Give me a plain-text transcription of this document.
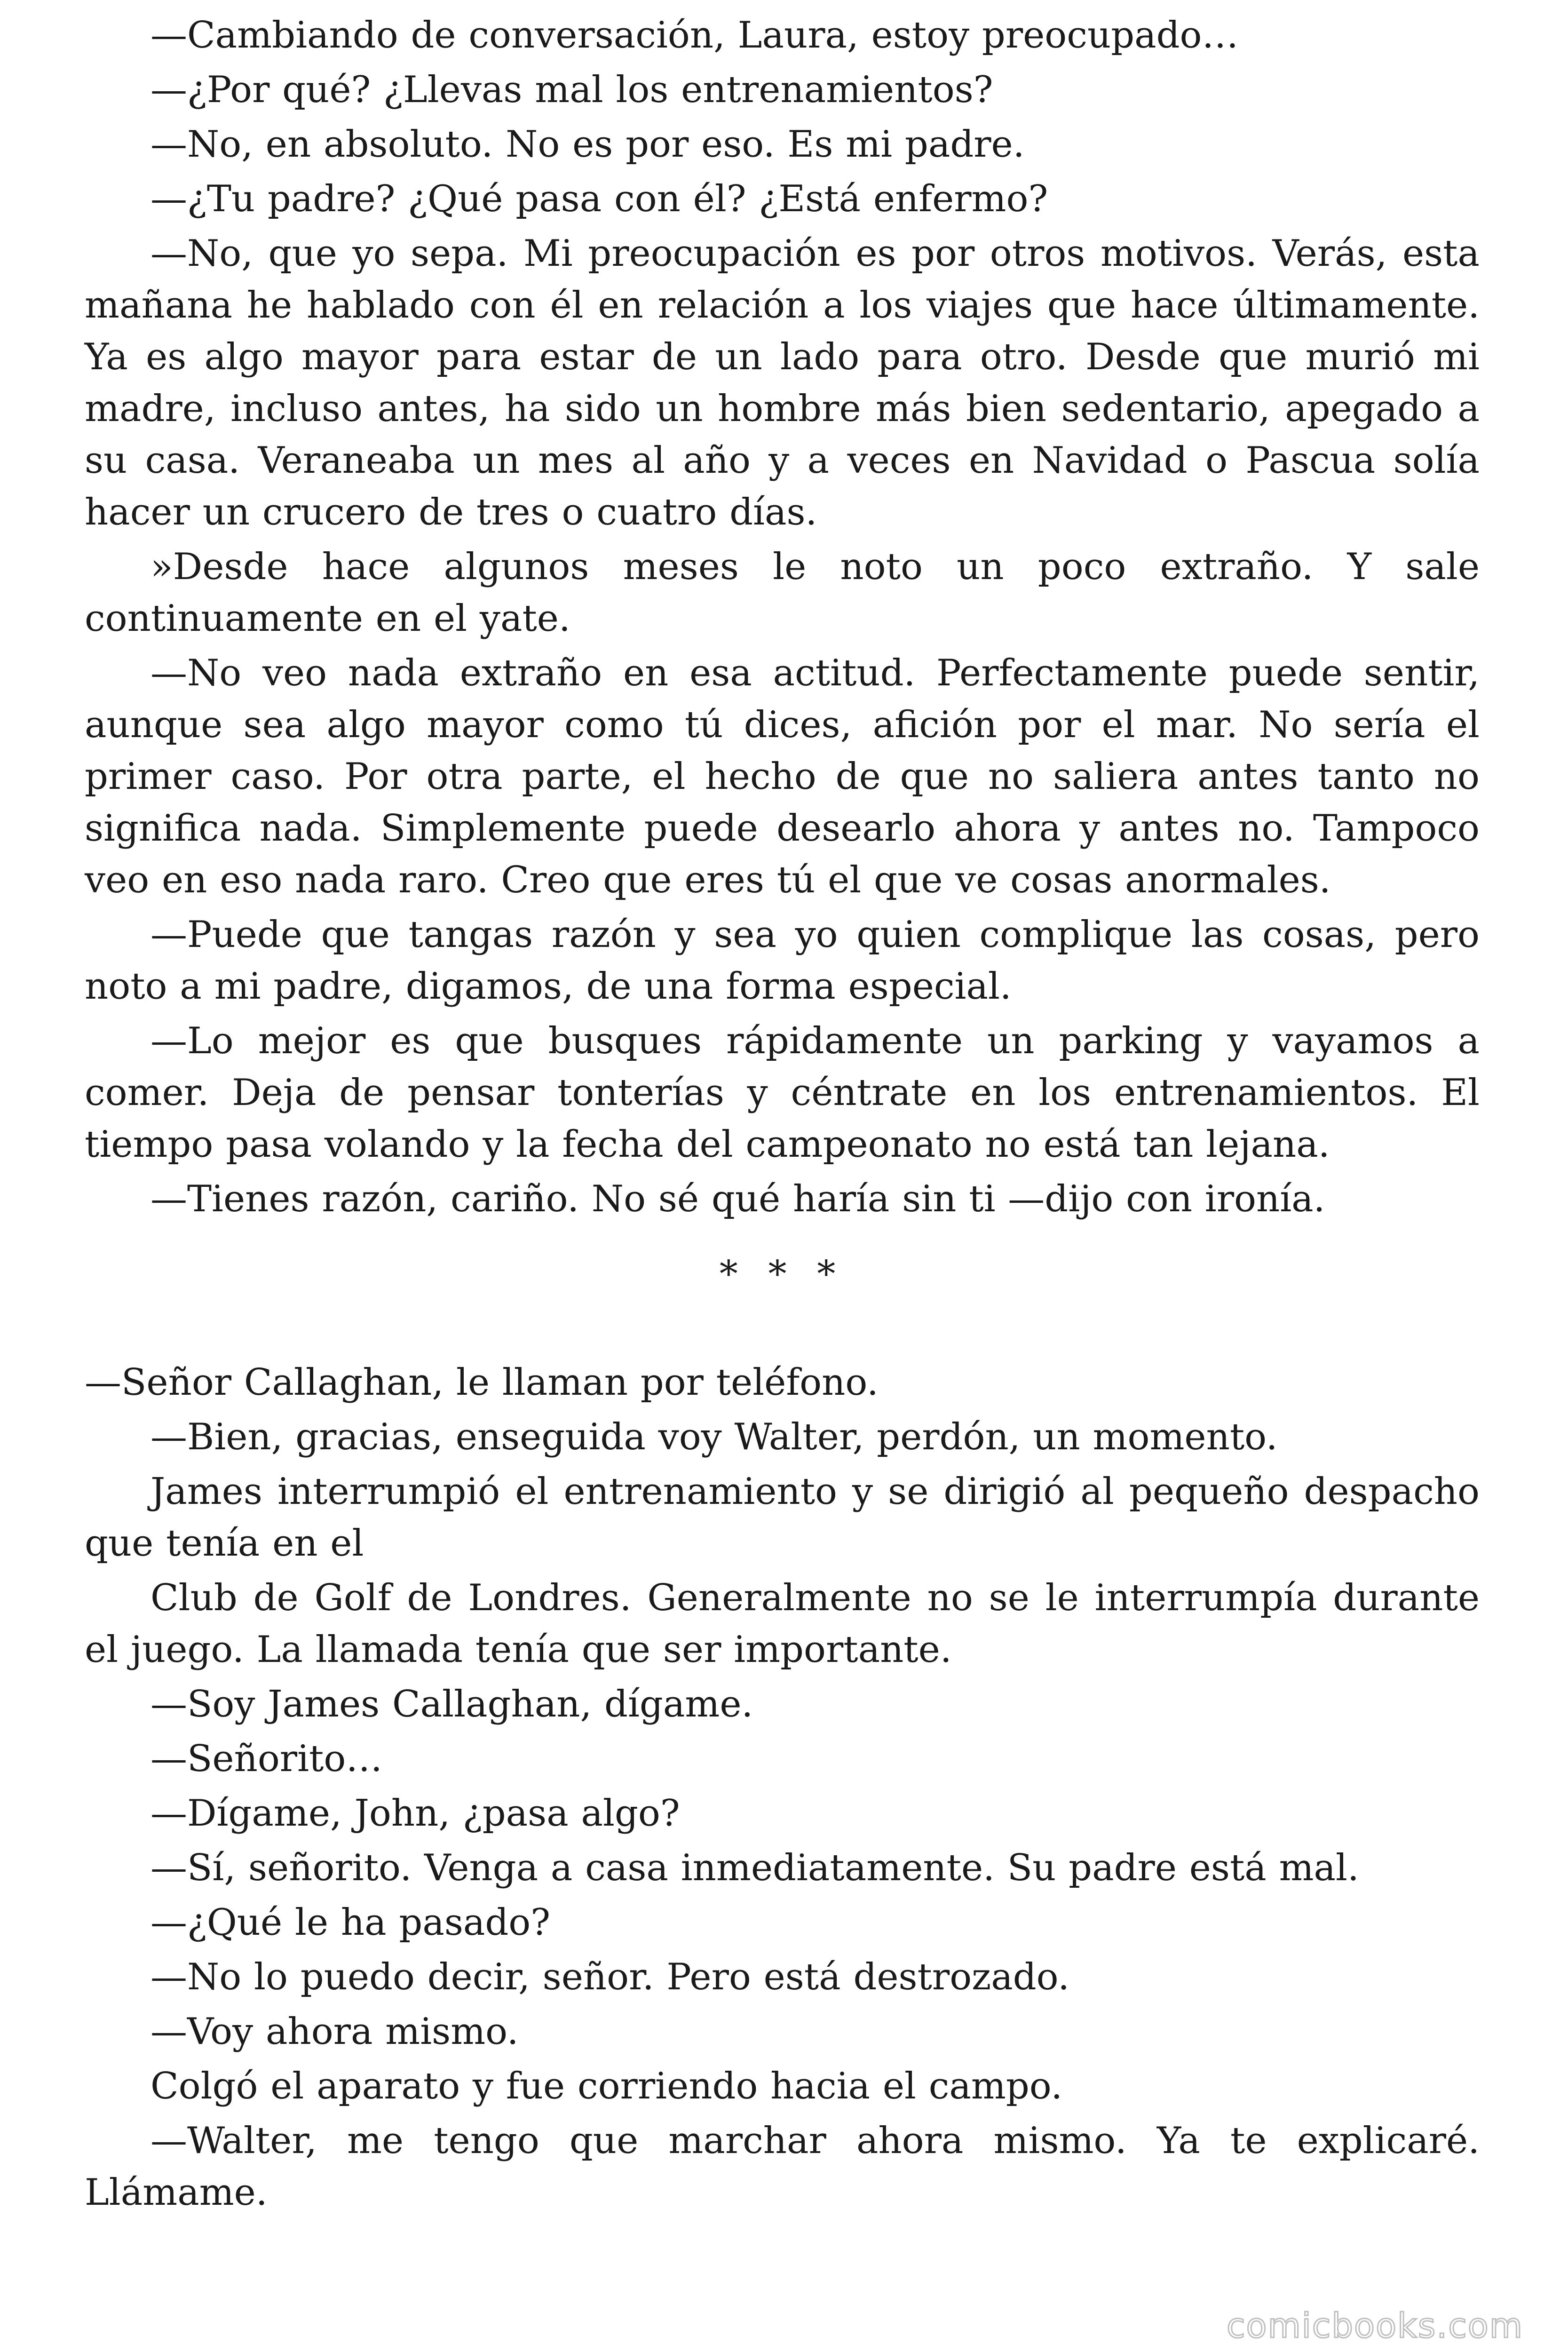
—Cambiando de conversación, Laura, estoy preocupado…

—¿Por qué? ¿Llevas mal los entrenamientos?

—No, en absoluto. No es por eso. Es mi padre.

—¿Tu padre? ¿Qué pasa con él? ¿Está enfermo?

—No, que yo sepa. Mi preocupación es por otros motivos. Verás, esta mañana he hablado con él en relación a los viajes que hace últimamente. Ya es algo mayor para estar de un lado para otro. Desde que murió mi madre, incluso antes, ha sido un hombre más bien sedentario, apegado a su casa. Veraneaba un mes al año y a veces en Navidad o Pascua solía hacer un crucero de tres o cuatro días.

»Desde hace algunos meses le noto un poco extraño. Y sale continuamente en el yate.

—No veo nada extraño en esa actitud. Perfectamente puede sentir, aunque sea algo mayor como tú dices, afición por el mar. No sería el primer caso. Por otra parte, el hecho de que no saliera antes tanto no significa nada. Simplemente puede desearlo ahora y antes no. Tampoco veo en eso nada raro. Creo que eres tú el que ve cosas anormales.

—Puede que tangas razón y sea yo quien complique las cosas, pero noto a mi padre, digamos, de una forma especial.

—Lo mejor es que busques rápidamente un parking y vayamos a comer. Deja de pensar tonterías y céntrate en los entrenamientos. El tiempo pasa volando y la fecha del campeonato no está tan lejana.

—Tienes razón, cariño. No sé qué haría sin ti —dijo con ironía.

* * *

—Señor Callaghan, le llaman por teléfono.

—Bien, gracias, enseguida voy Walter, perdón, un momento.

James interrumpió el entrenamiento y se dirigió al pequeño despacho que tenía en el

Club de Golf de Londres. Generalmente no se le interrumpía durante el juego. La llamada tenía que ser importante.

—Soy James Callaghan, dígame.

—Señorito…

—Dígame, John, ¿pasa algo?

—Sí, señorito. Venga a casa inmediatamente. Su padre está mal.

—¿Qué le ha pasado?

—No lo puedo decir, señor. Pero está destrozado.

—Voy ahora mismo.

Colgó el aparato y fue corriendo hacia el campo.

—Walter, me tengo que marchar ahora mismo. Ya te explicaré. Llámame.

comicbooks.com
